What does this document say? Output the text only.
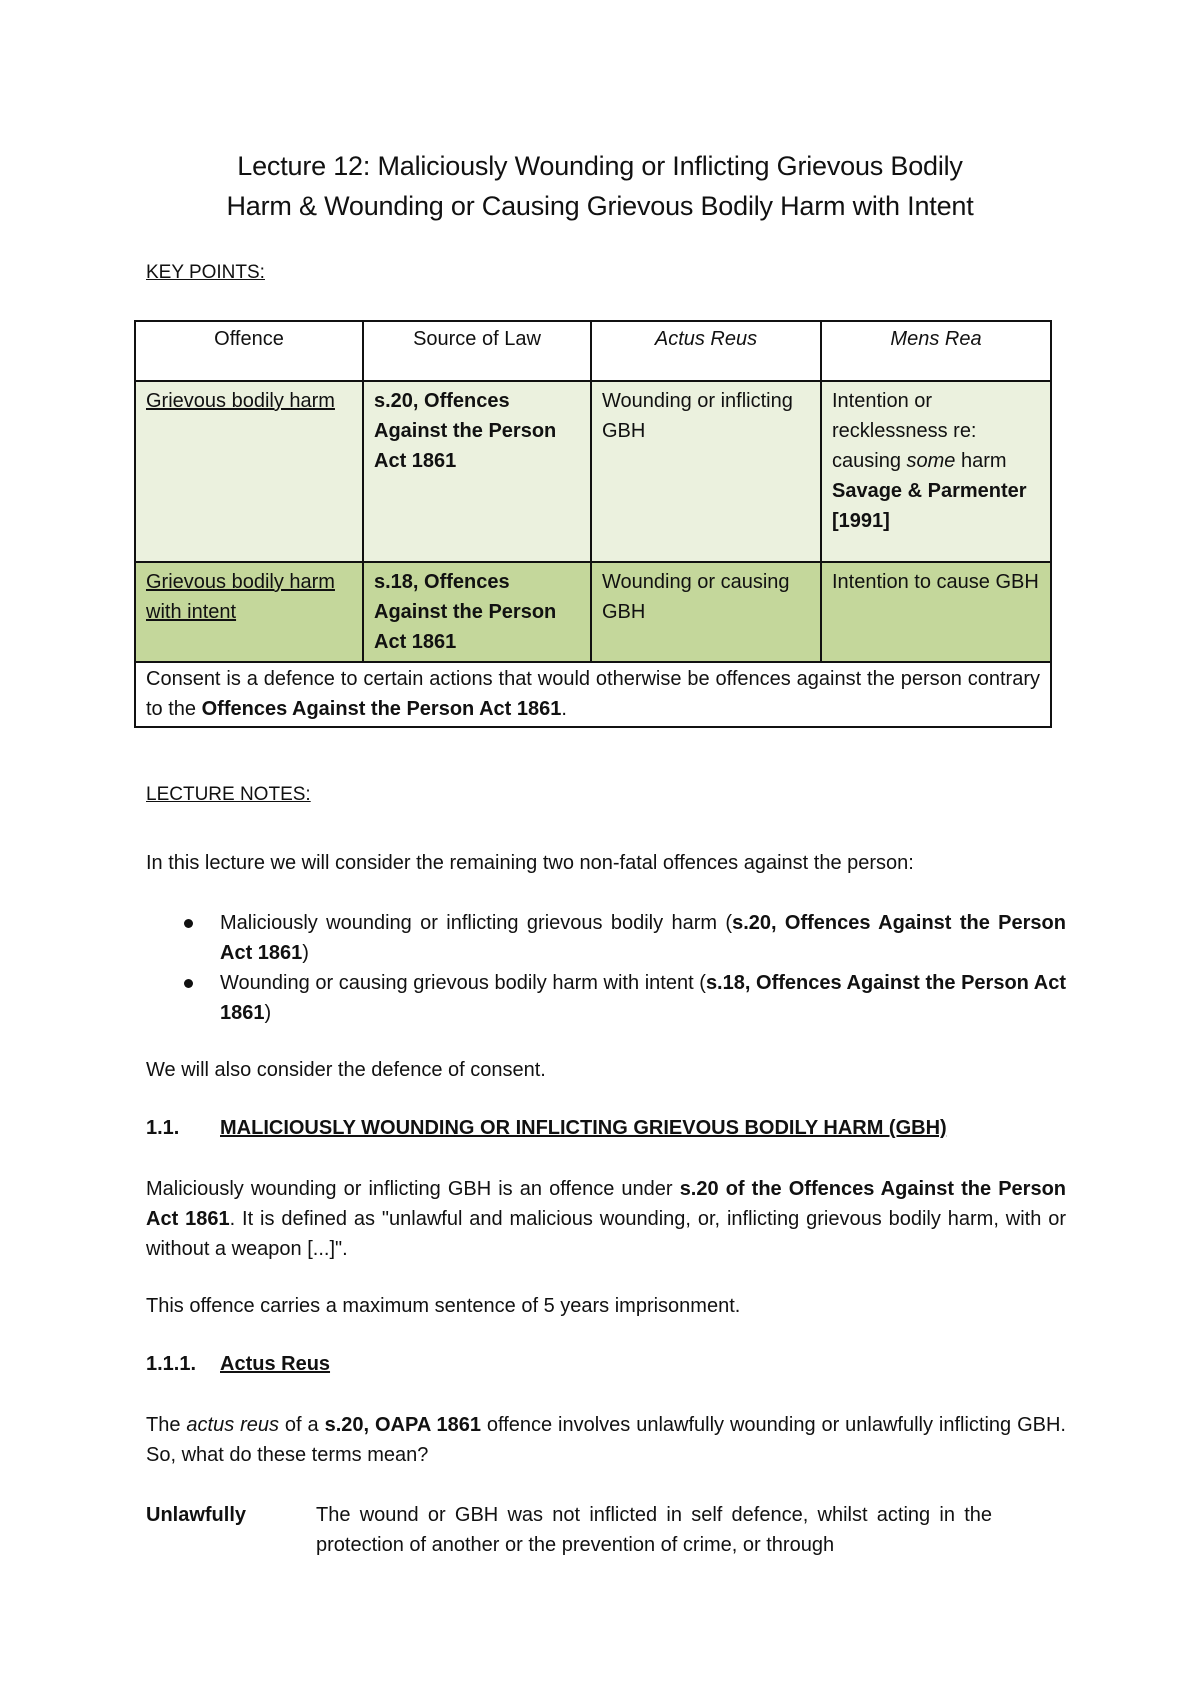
Lecture 12: Maliciously Wounding or Inflicting Grievous Bodily
Harm & Wounding or Causing Grievous Bodily Harm with Intent
KEY POINTS:
Offence	Source of Law	Actus Reus	Mens Rea
Grievous bodily harm	s.20, Offences Against the Person Act 1861	Wounding or inflicting GBH	Intention or recklessness re: causing some harm
Savage & Parmenter [1991]
Grievous bodily harm with intent	s.18, Offences Against the Person Act 1861	Wounding or causing GBH	Intention to cause GBH
Consent is a defence to certain actions that would otherwise be offences against the person contrary to the Offences Against the Person Act 1861.			
LECTURE NOTES:
In this lecture we will consider the remaining two non-fatal offences against the person:
Maliciously wounding or inflicting grievous bodily harm (s.20, Offences Against the Person Act 1861)
Wounding or causing grievous bodily harm with intent (s.18, Offences Against the Person Act 1861)
We will also consider the defence of consent.
1.1. MALICIOUSLY WOUNDING OR INFLICTING GRIEVOUS BODILY HARM (GBH)
Maliciously wounding or inflicting GBH is an offence under s.20 of the Offences Against the Person Act 1861. It is defined as "unlawful and malicious wounding, or, inflicting grievous bodily harm, with or without a weapon [...]".
This offence carries a maximum sentence of 5 years imprisonment.
1.1.1. Actus Reus
The actus reus of a s.20, OAPA 1861 offence involves unlawfully wounding or unlawfully inflicting GBH. So, what do these terms mean?
Unlawfully	The wound or GBH was not inflicted in self defence, whilst acting in the protection of another or the prevention of crime, or through
